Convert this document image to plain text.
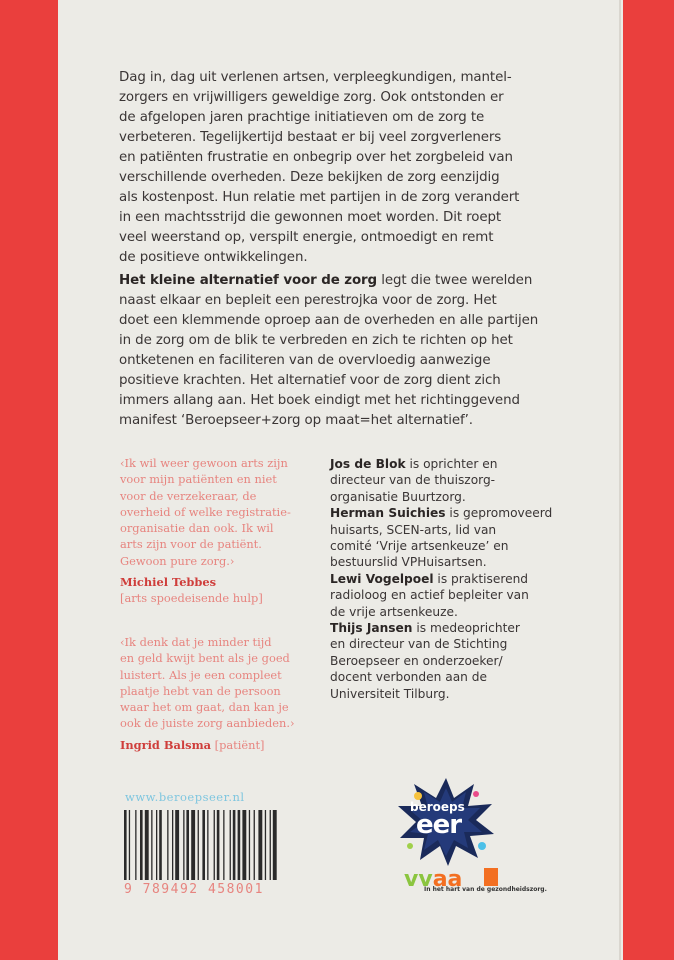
Dag in, dag uit verlenen artsen, verpleegkundigen, mantel-
zorgers en vrijwilligers geweldige zorg. Ook ontstonden er
de afgelopen jaren prachtige initiatieven om de zorg te
verbeteren. Tegelijkertijd bestaat er bij veel zorgverleners
en patiënten frustratie en onbegrip over het zorgbeleid van
verschillende overheden. Deze bekijken de zorg eenzijdig
als kostenpost. Hun relatie met partijen in de zorg verandert
in een machtsstrijd die gewonnen moet worden. Dit roept
veel weerstand op, verspilt energie, ontmoedigt en remt
de positieve ontwikkelingen.
Het kleine alternatief voor de zorg legt die twee werelden
naast elkaar en bepleit een perestrojka voor de zorg. Het
doet een klemmende oproep aan de overheden en alle partijen
in de zorg om de blik te verbreden en zich te richten op het
ontketenen en faciliteren van de overvloedig aanwezige
positieve krachten. Het alternatief voor de zorg dient zich
immers allang aan. Het boek eindigt met het richtinggevend
manifest ‘Beroepseer+zorg op maat=het alternatief’.
‹Ik wil weer gewoon arts zijn
voor mijn patiënten en niet
voor de verzekeraar, de
overheid of welke registratie-
organisatie dan ook. Ik wil
arts zijn voor de patiënt.
Gewoon pure zorg.›
Michiel Tebbes
[arts spoedeisende hulp]
‹Ik denk dat je minder tijd
en geld kwijt bent als je goed
luistert. Als je een compleet
plaatje hebt van de persoon
waar het om gaat, dan kan je
ook de juiste zorg aanbieden.›
Ingrid Balsma [patiënt]
Jos de Blok is oprichter en
directeur van de thuiszorg-
organisatie Buurtzorg.
Herman Suichies is gepromoveerd
huisarts, SCEN-arts, lid van
comité ‘Vrije artsenkeuze’ en
bestuurslid VPHuisartsen.
Lewi Vogelpoel is praktiserend
radioloog en actief bepleiter van
de vrije artsenkeuze.
Thijs Jansen is medeoprichter
en directeur van de Stichting
Beroepseer en onderzoeker/
docent verbonden aan de
Universiteit Tilburg.
www.beroepseer.nl
9 789492 458001
beroeps
eer
vvaa
In het hart van de gezondheidszorg.
